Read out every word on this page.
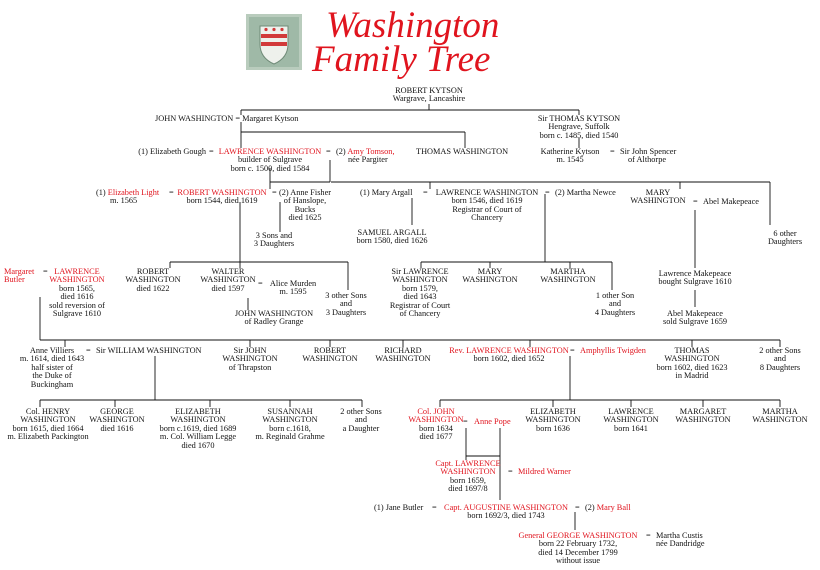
Washington
Family Tree
ROBERT KYTSON
Wargrave, Lancashire
JOHN WASHINGTON = Margaret Kytson	Sir THOMAS KYTSON
Hengrave, Suffolk
born c. 1485, died 1540
(1) Elizabeth Gough = LAWRENCE WASHINGTON
builder of Sulgrave
born c. 1500, died 1584
= (2) Amy Tomson,
née Pargiter
THOMAS WASHINGTON	Katherine Kytson
m. 1545
= Sir John Spencer
of Althorpe
(1) Elizabeth Light
m. 1565
= ROBERT WASHINGTON
born 1544, died 1619
= (2) Anne Fisher
of Hanslope,
Bucks
died 1625
(1) Mary Argall = LAWRENCE WASHINGTON
born 1546, died 1619
Registrar of Court of
Chancery
= (2) Martha Newce	MARY
WASHINGTON = Abel Makepeace
6 other
Daughters
3 Sons and
3 Daughters
SAMUEL ARGALL
born 1580, died 1626
Margaret
Butler
= LAWRENCE
WASHINGTON
born 1565,
died 1616
sold reversion of
Sulgrave 1610
ROBERT
WASHINGTON
died 1622
WALTER
WASHINGTON
died 1597
= Alice Murden
m. 1595	3 other Sons
and
3 Daughters
JOHN WASHINGTON
of Radley Grange
Sir LAWRENCE
WASHINGTON
born 1579,
died 1643
Registrar of Court
of Chancery
MARY
WASHINGTON
MARTHA
WASHINGTON
1 other Son
and
4 Daughters
Lawrence Makepeace
bought Sulgrave 1610
Abel Makepeace
sold Sulgrave 1659
Anne Villiers
m. 1614, died 1643
half sister of
the Duke of
Buckingham
= Sir WILLIAM WASHINGTON	Sir JOHN
WASHINGTON
of Thrapston
ROBERT
WASHINGTON
RICHARD
WASHINGTON
Rev. LAWRENCE WASHINGTON
born 1602, died 1652
= Amphyllis Twigden	THOMAS
WASHINGTON
born 1602, died 1623
in Madrid
2 other Sons
and
8 Daughters
Col. HENRY
WASHINGTON
born 1615, died 1664
m. Elizabeth Packington
GEORGE
WASHINGTON
died 1616
ELIZABETH
WASHINGTON
born c.1619, died 1689
m. Col. William Legge
died 1670
SUSANNAH
WASHINGTON
born c.1618,
m. Reginald Grahme
2 other Sons
and
a Daughter
Col. JOHN
WASHINGTON
born 1634
died 1677
= Anne Pope
ELIZABETH
WASHINGTON
born 1636
LAWRENCE
WASHINGTON
born 1641
MARGARET
WASHINGTON
MARTHA
WASHINGTON
Capt. LAWRENCE
WASHINGTON
born 1659,
died 1697/8
= Mildred Warner
(1) Jane Butler = Capt. AUGUSTINE WASHINGTON
born 1692/3, died 1743
= (2) Mary Ball
General GEORGE WASHINGTON
born 22 February 1732,
died 14 December 1799
without issue
= Martha Custis
née Dandridge
